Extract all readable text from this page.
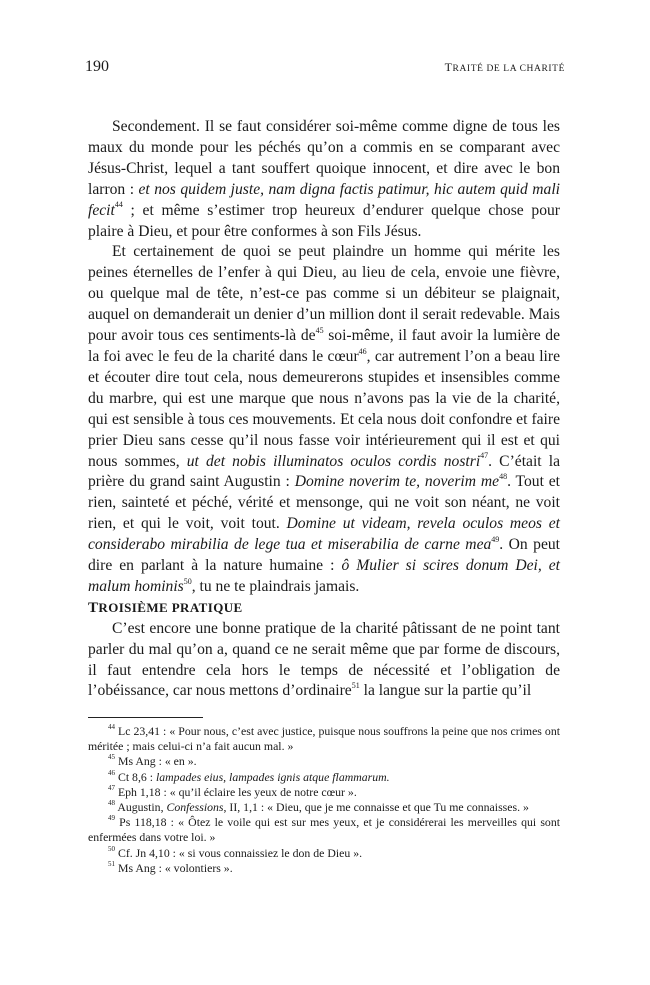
190	TRAITÉ DE LA CHARITÉ

Secondement. Il se faut considérer soi-même comme digne de tous les maux du monde pour les péchés qu’on a commis en se comparant avec Jésus-Christ, lequel a tant souffert quoique innocent, et dire avec le bon larron : et nos quidem juste, nam digna factis patimur, hic autem quid mali fecit$^{44}$ ; et même s’estimer trop heureux d’endurer quelque chose pour plaire à Dieu, et pour être conformes à son Fils Jésus.

Et certainement de quoi se peut plaindre un homme qui mérite les peines éternelles de l’enfer à qui Dieu, au lieu de cela, envoie une fièvre, ou quelque mal de tête, n’est-ce pas comme si un débiteur se plaignait, auquel on demanderait un denier d’un million dont il serait redevable. Mais pour avoir tous ces sentiments-là $de^{45}$ soi-même, il faut avoir la lumière de la foi avec le feu de la charité dans le cœur$^{46}$, car autrement l’on a beau lire et écouter dire tout cela, nous demeurerons stupides et insensibles comme du marbre, qui est une marque que nous n’avons pas la vie de la charité, qui est sensible à tous ces mouvements. Et cela nous doit confondre et faire prier Dieu sans cesse qu’il nous fasse voir intérieurement qui il est et qui nous sommes, ut det nobis illuminatos oculos cordis nostri$^{47}$. C’était la prière du grand saint Augustin : Domine noverim te, noverim $me^{48}$. Tout et rien, sainteté et péché, vérité et mensonge, qui ne voit son néant, ne voit rien, et qui le voit, voit tout. Domine ut videam, revela oculos meos et considerabo mirabilia de lege tua et miserabilia de carne mea$^{49}$. On peut dire en parlant à la nature humaine : ô Mulier si scires donum Dei, et malum hominis$^{50}$, tu ne te plaindrais jamais.

TROISIÈME PRATIQUE

C’est encore une bonne pratique de la charité pâtissant de ne point tant parler du mal qu’on a, quand ce ne serait même que par forme de discours, il faut entendre cela hors le temps de nécessité et l’obligation de l’obéissance, car nous mettons d’ordinaire$^{51}$ la langue sur la partie qu’il

$^{44}$ Lc 23,41 : « Pour nous, c’est avec justice, puisque nous souffrons la peine que nos crimes ont méritée ; mais celui-ci n’a fait aucun mal. »

$^{45}$ Ms Ang : « en ».

$^{46}$ Ct 8,6 : lampades eius, lampades ignis atque flammarum.

$^{47}$ Eph 1,18 : « qu’il éclaire les yeux de notre cœur ».

$^{48}$ Augustin, Confessions, II, 1,1 : « Dieu, que je me connaisse et que Tu me connaisses. »

$^{49}$ Ps 118,18 : « Ôtez le voile qui est sur mes yeux, et je considérerai les merveilles qui sont enfermées dans votre loi. »

$^{50}$ Cf. Jn 4,10 : « si vous connaissiez le don de Dieu ».

$^{51}$ Ms Ang : « volontiers ».
